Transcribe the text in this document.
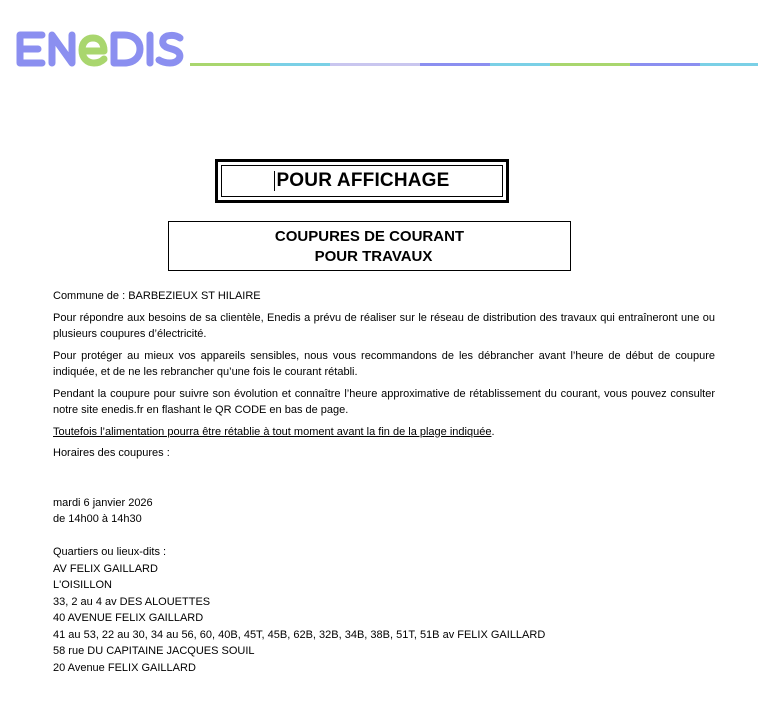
POUR AFFICHAGE
COUPURES DE COURANT
POUR TRAVAUX

Commune de : BARBEZIEUX ST HILAIRE

Pour répondre aux besoins de sa clientèle, Enedis a prévu de réaliser sur le réseau de distribution des travaux qui entraîneront une ou plusieurs coupures d’électricité.

Pour protéger au mieux vos appareils sensibles, nous vous recommandons de les débrancher avant l’heure de début de coupure indiquée, et de ne les rebrancher qu’une fois le courant rétabli.

Pendant la coupure pour suivre son évolution et connaître l’heure approximative de rétablissement du courant, vous pouvez consulter notre site enedis.fr en flashant le QR CODE en bas de page.

Toutefois l’alimentation pourra être rétablie à tout moment avant la fin de la plage indiquée.

Horaires des coupures :

mardi 6 janvier 2026

de 14h00 à 14h30

Quartiers ou lieux-dits :

AV FELIX GAILLARD
L'OISILLON
33, 2 au 4 av DES ALOUETTES
40 AVENUE FELIX GAILLARD
41 au 53, 22 au 30, 34 au 56, 60, 40B, 45T, 45B, 62B, 32B, 34B, 38B, 51T, 51B av FELIX GAILLARD
58 rue DU CAPITAINE JACQUES SOUIL
20 Avenue FELIX GAILLARD
